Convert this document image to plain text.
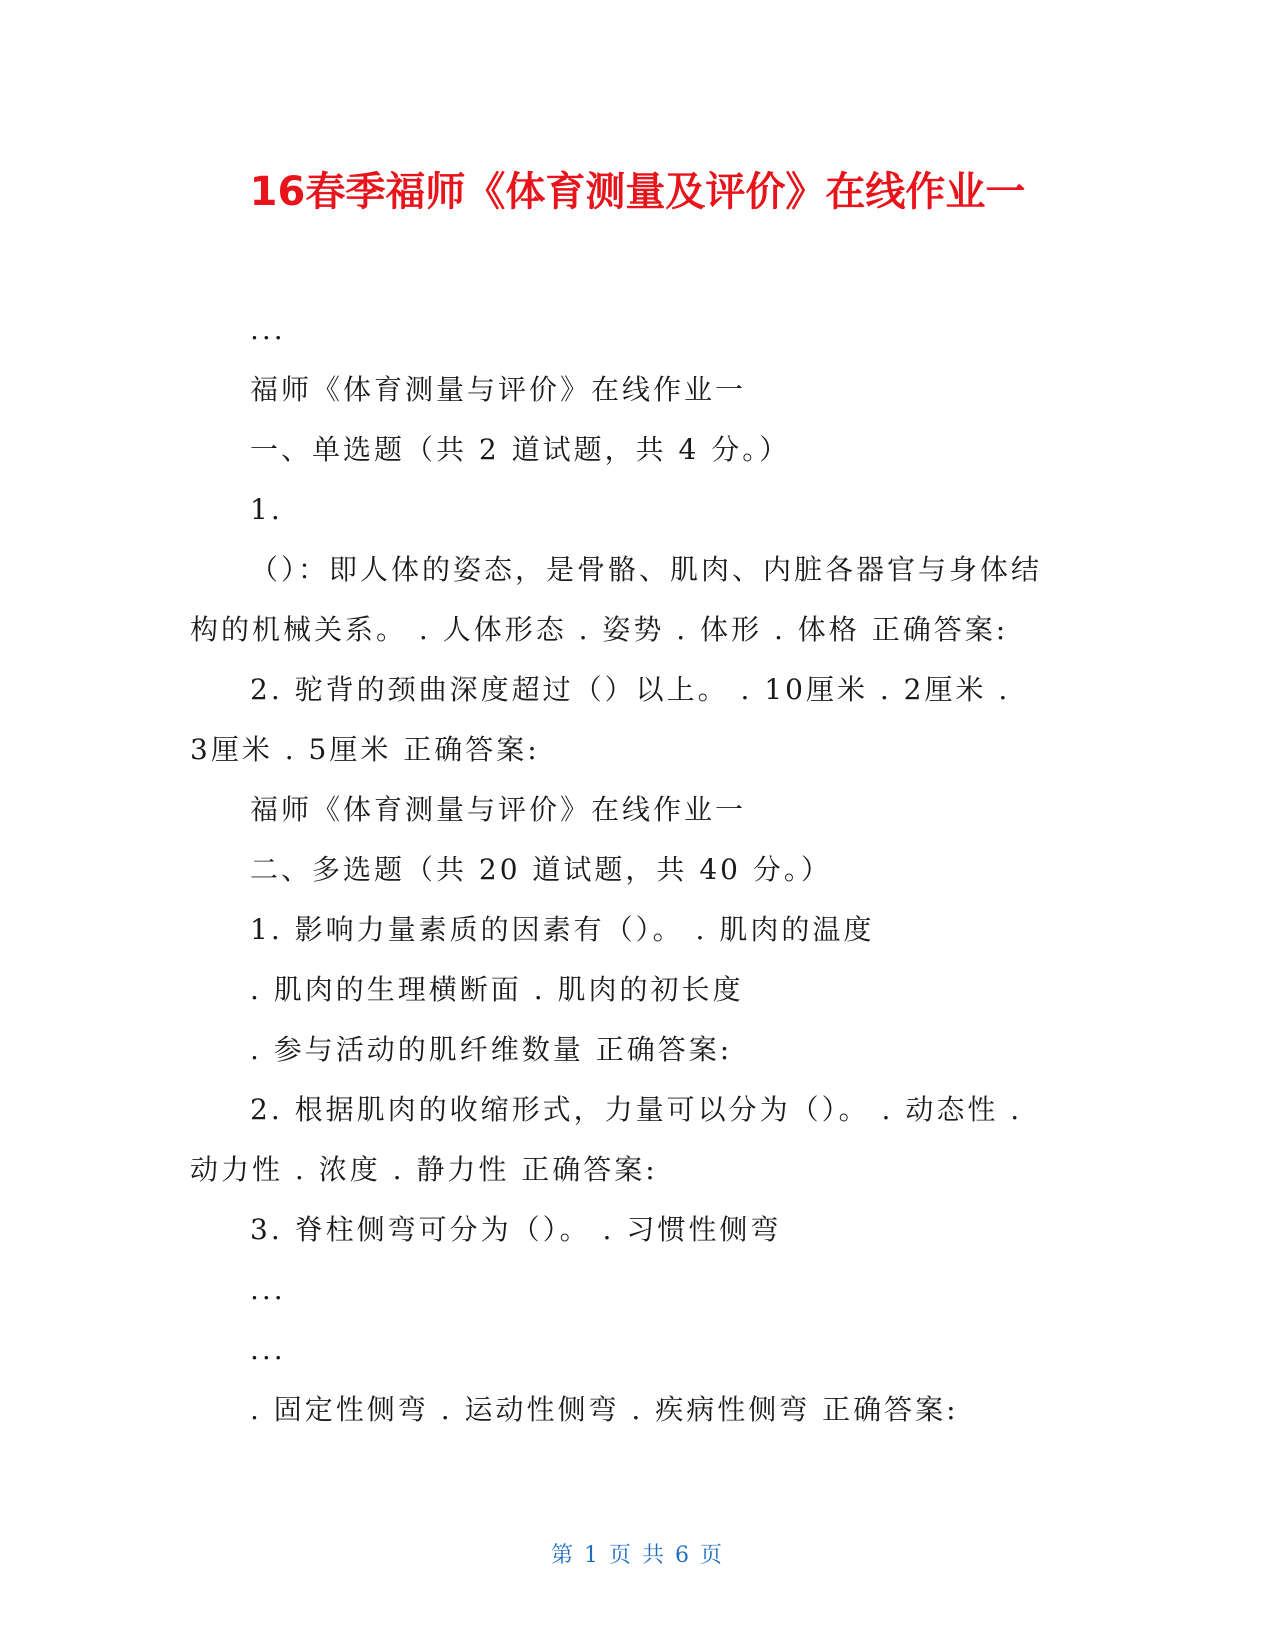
16春季福师《体育测量及评价》在线作业一
...
福师《体育测量与评价》在线作业一
一、单选题（共 2 道试题，共 4 分。）
1.
（）：即人体的姿态，是骨骼、肌肉、内脏各器官与身体结
构的机械关系。 . 人体形态 . 姿势 . 体形 . 体格 正确答案:
2. 驼背的颈曲深度超过（）以上。 . 10厘米 . 2厘米 .
3厘米 . 5厘米 正确答案:
福师《体育测量与评价》在线作业一
二、多选题（共 20 道试题，共 40 分。）
1. 影响力量素质的因素有（）。 . 肌肉的温度
. 肌肉的生理横断面 . 肌肉的初长度
. 参与活动的肌纤维数量 正确答案:
2. 根据肌肉的收缩形式，力量可以分为（）。 . 动态性 .
动力性 . 浓度 . 静力性 正确答案:
3. 脊柱侧弯可分为（）。 . 习惯性侧弯
...
...
. 固定性侧弯 . 运动性侧弯 . 疾病性侧弯 正确答案:
第 1 页 共 6 页
